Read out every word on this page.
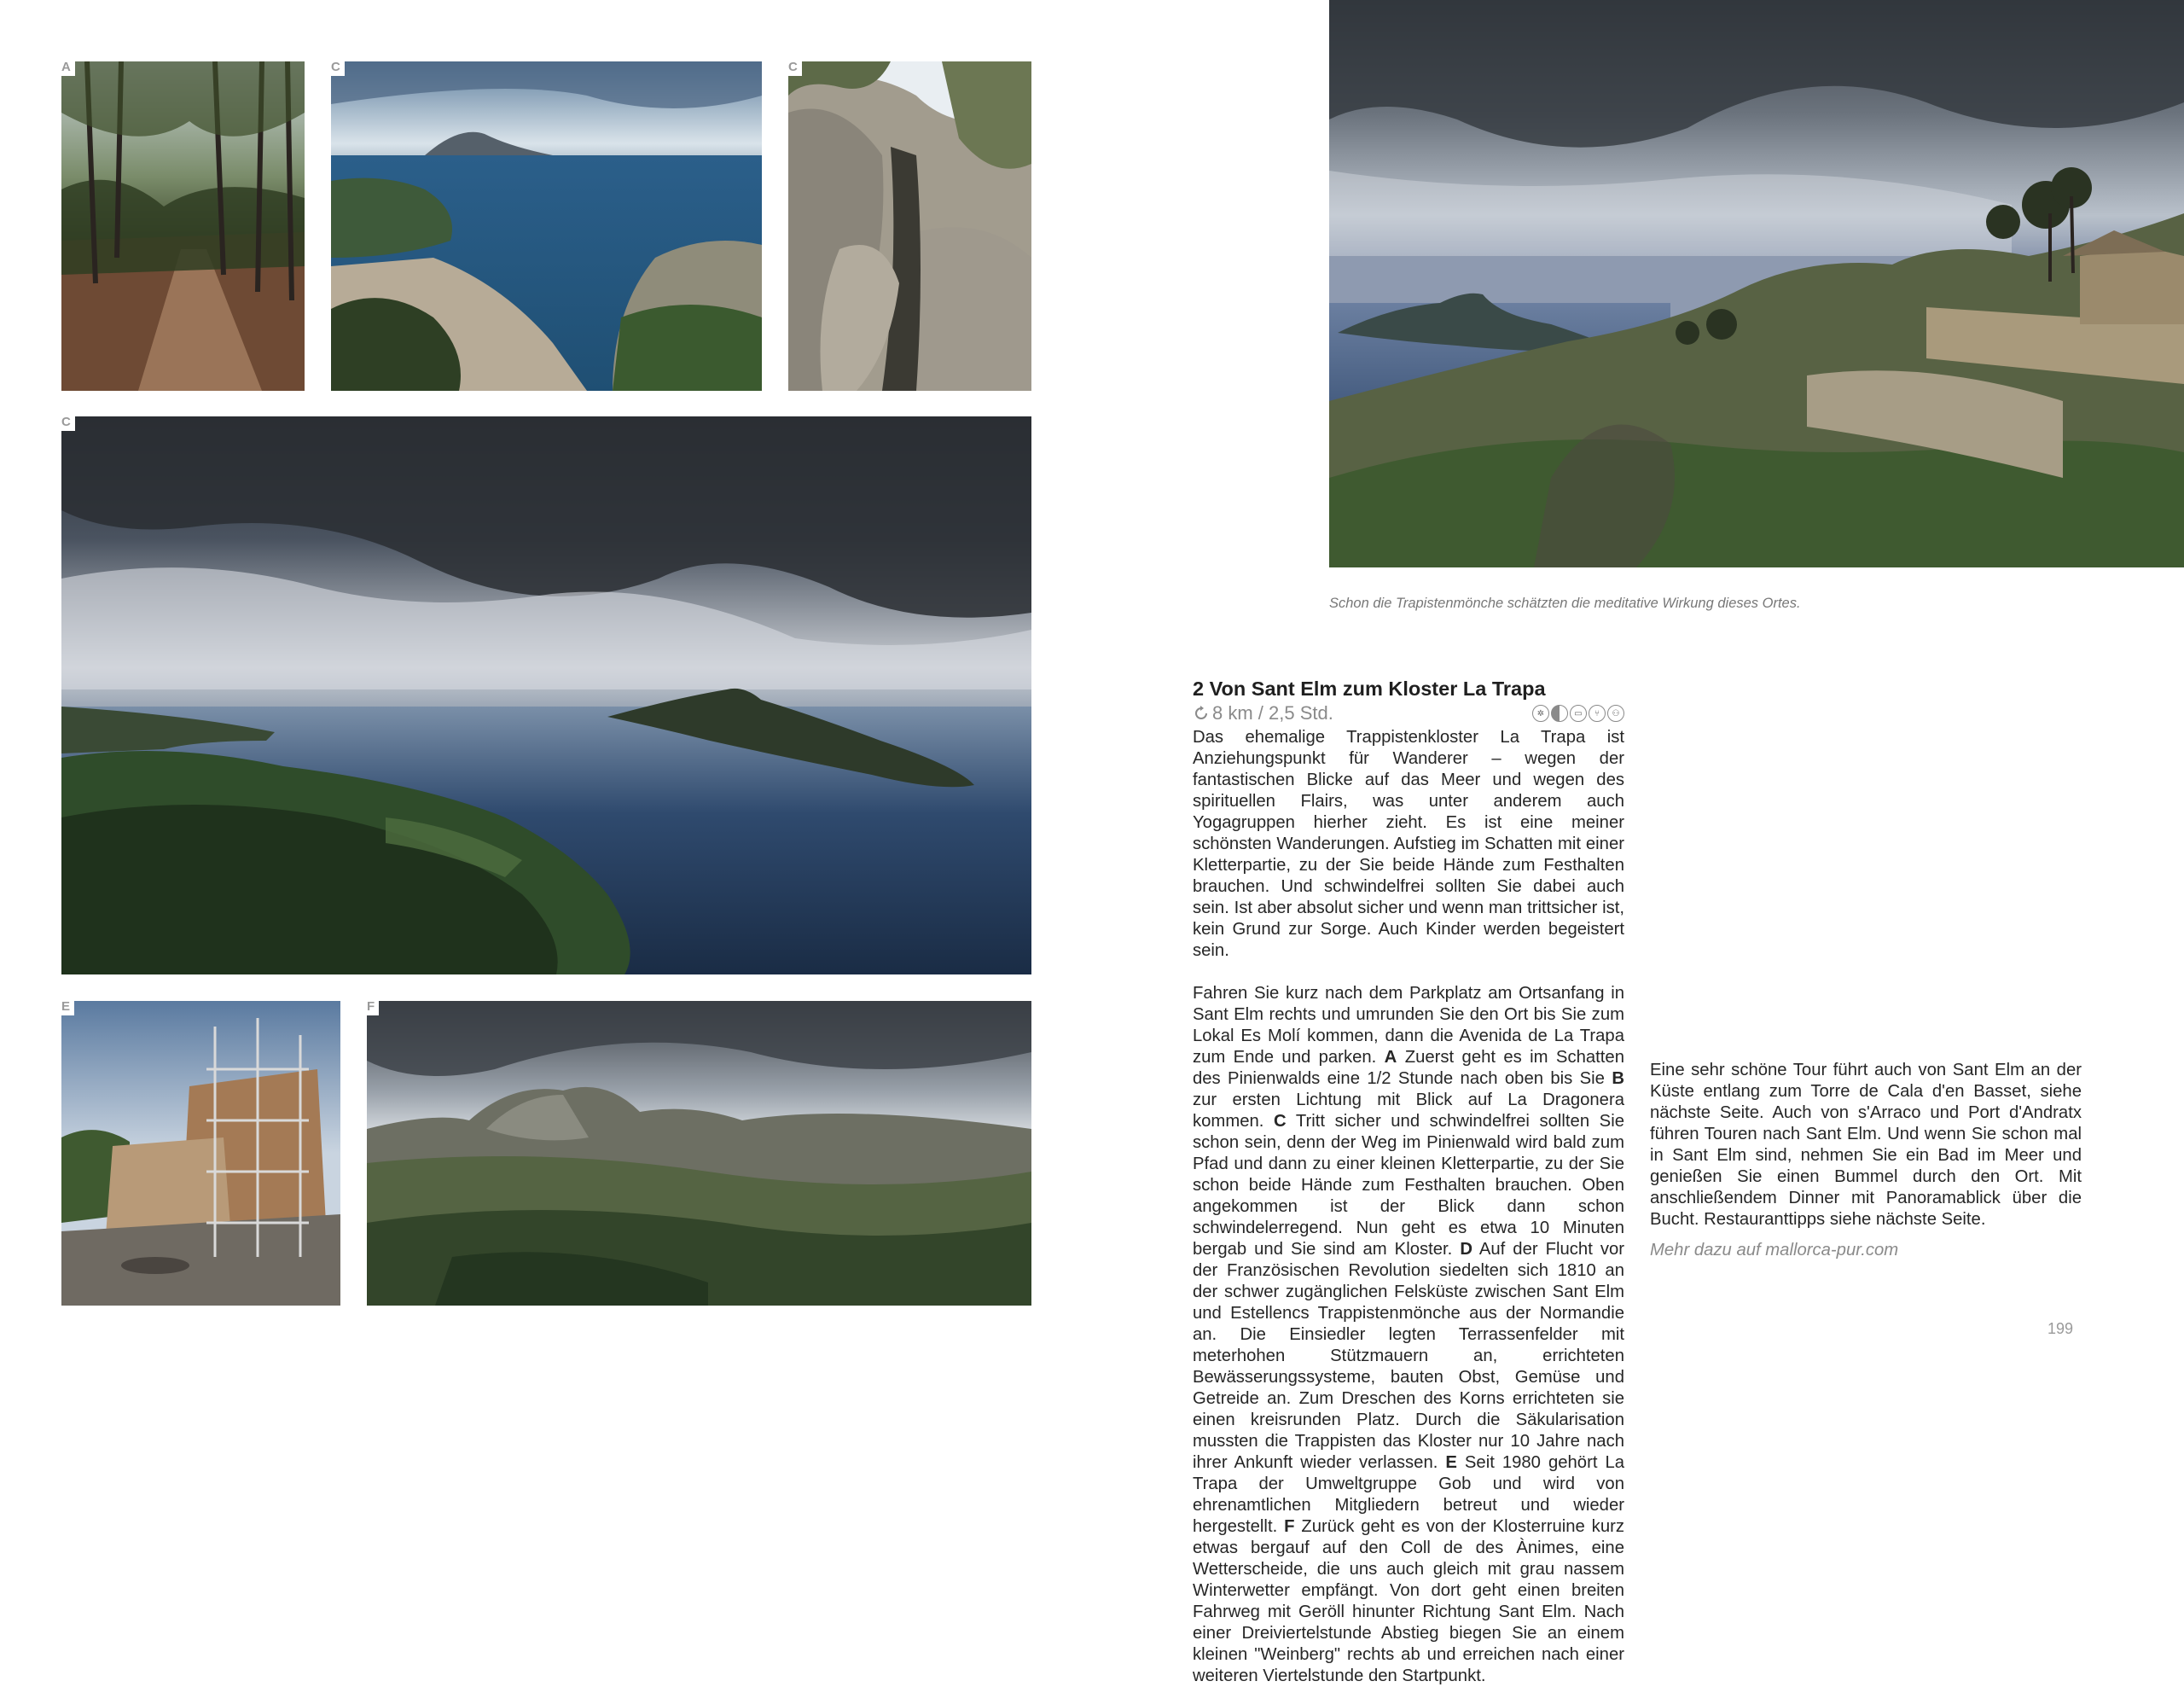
A	C	C
C
E	F
Schon die Trapistenmönche schätzten die meditative Wirkung dieses Ortes.
2 Von Sant Elm zum Kloster La Trapa
8 km / 2,5 Std.	✲	▭ ⑂ ⚇

Das ehemalige Trappistenkloster La Trapa ist Anziehungspunkt für Wanderer – wegen der fantastischen Blicke auf das Meer und wegen des spirituellen Flairs, was unter anderem auch Yogagruppen hierher zieht. Es ist eine meiner schönsten Wanderungen. Aufstieg im Schatten mit einer Kletterpartie, zu der Sie beide Hände zum Festhalten brauchen. Und schwindelfrei sollten Sie dabei auch sein. Ist aber absolut sicher und wenn man trittsicher ist, kein Grund zur Sorge. Auch Kinder werden begeistert sein.

Fahren Sie kurz nach dem Parkplatz am Ortsanfang in Sant Elm rechts und umrunden Sie den Ort bis Sie zum Lokal Es Molí kommen, dann die Avenida de La Trapa zum Ende und parken. A Zuerst geht es im Schatten des Pinienwalds eine 1/2 Stunde nach oben bis Sie B zur ersten Lichtung mit Blick auf La Dragonera kommen. C Tritt sicher und schwindelfrei sollten Sie schon sein, denn der Weg im Pinienwald wird bald zum Pfad und dann zu einer kleinen Kletterpartie, zu der Sie schon beide Hände zum Festhalten brauchen. Oben angekommen ist der Blick dann schon schwindelerregend. Nun geht es etwa 10 Minuten bergab und Sie sind am Kloster. D Auf der Flucht vor der Französischen Revolution siedelten sich 1810 an der schwer zugänglichen Felsküste zwischen Sant Elm und Estellencs Trappistenmönche aus der Normandie an. Die Einsiedler legten Terrassenfelder mit meterhohen Stützmauern an, errichteten Bewässerungssysteme, bauten Obst, Gemüse und Getreide an. Zum Dreschen des Korns errichteten sie einen kreisrunden Platz. Durch die Säkularisation mussten die Trappisten das Kloster nur 10 Jahre nach ihrer Ankunft wieder verlassen. E Seit 1980 gehört La Trapa der Umweltgruppe Gob und wird von ehrenamtlichen Mitgliedern betreut und wieder hergestellt. F Zurück geht es von der Klosterruine kurz etwas bergauf auf den Coll de des Ànimes, eine Wetterscheide, die uns auch gleich mit grau nassem Winterwetter empfängt. Von dort geht einen breiten Fahrweg mit Geröll hinunter Richtung Sant Elm. Nach einer Dreiviertelstunde Abstieg biegen Sie an einem kleinen "Weinberg" rechts ab und erreichen nach einer weiteren Viertelstunde den Startpunkt.

Eine sehr schöne Tour führt auch von Sant Elm an der Küste entlang zum Torre de Cala d'en Basset, siehe nächste Seite. Auch von s'Arraco und Port d'Andratx führen Touren nach Sant Elm. Und wenn Sie schon mal in Sant Elm sind, nehmen Sie ein Bad im Meer und genießen Sie einen Bummel durch den Ort. Mit anschließendem Dinner mit Panoramablick über die Bucht. Restauranttipps siehe nächste Seite.

Mehr dazu auf mallorca-pur.com

199
